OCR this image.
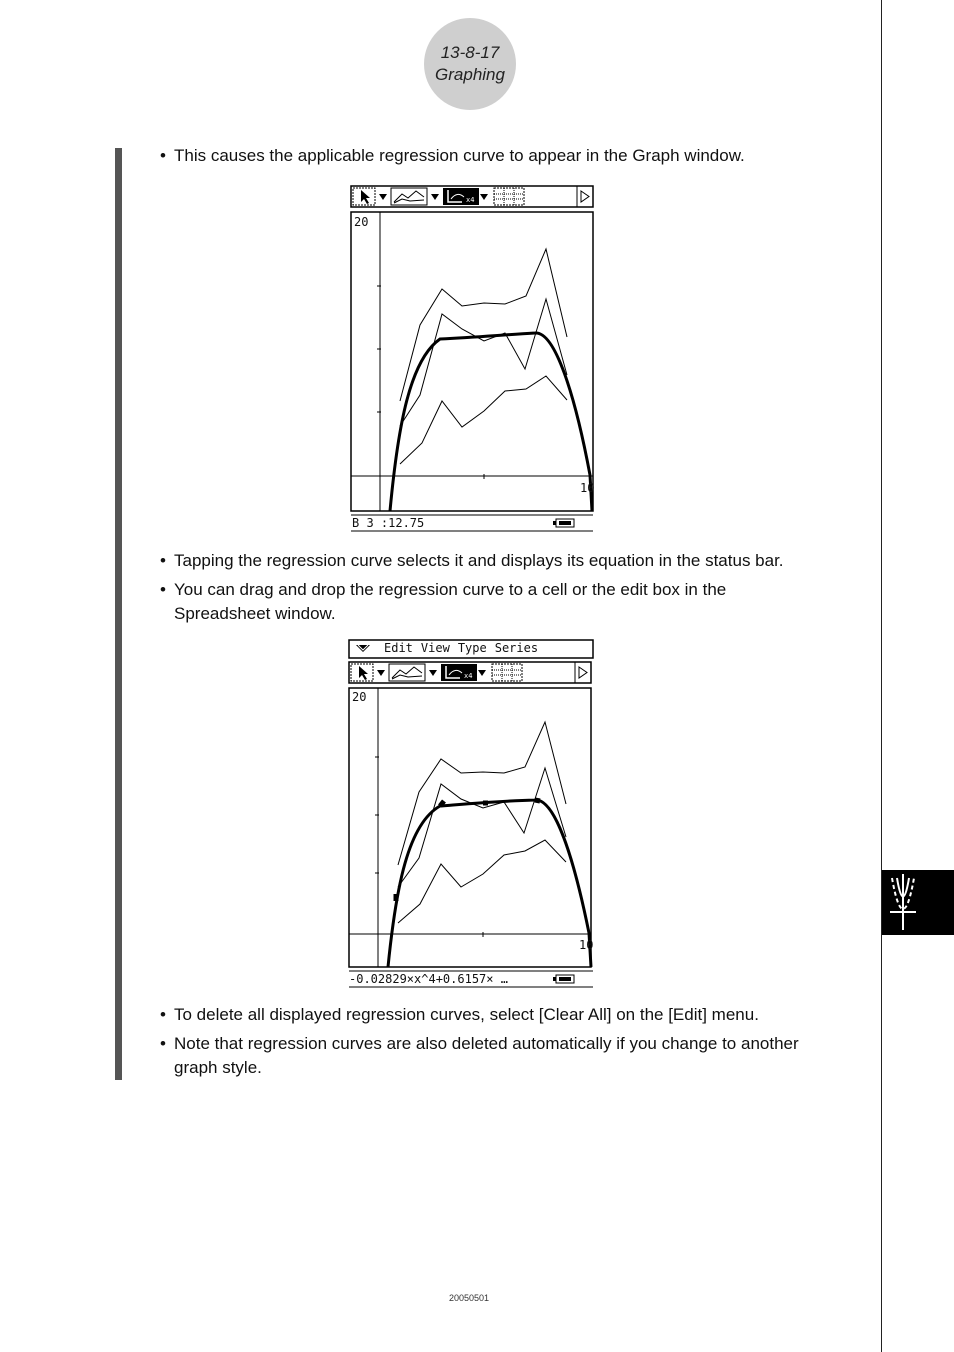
13-8-17
Graphing
• This causes the applicable regression curve to appear in the Graph window.
x4
20
10
B 3 :12.75
• Tapping the regression curve selects it and displays its equation in the status bar.
• You can drag and drop the regression curve to a cell or the edit box in the
Spreadsheet window.
x4
Edit View Type Series
20
10
-0.02829×x^4+0.6157× …
• To delete all displayed regression curves, select [Clear All] on the [Edit] menu.
• Note that regression curves are also deleted automatically if you change to another
graph style.
20050501
